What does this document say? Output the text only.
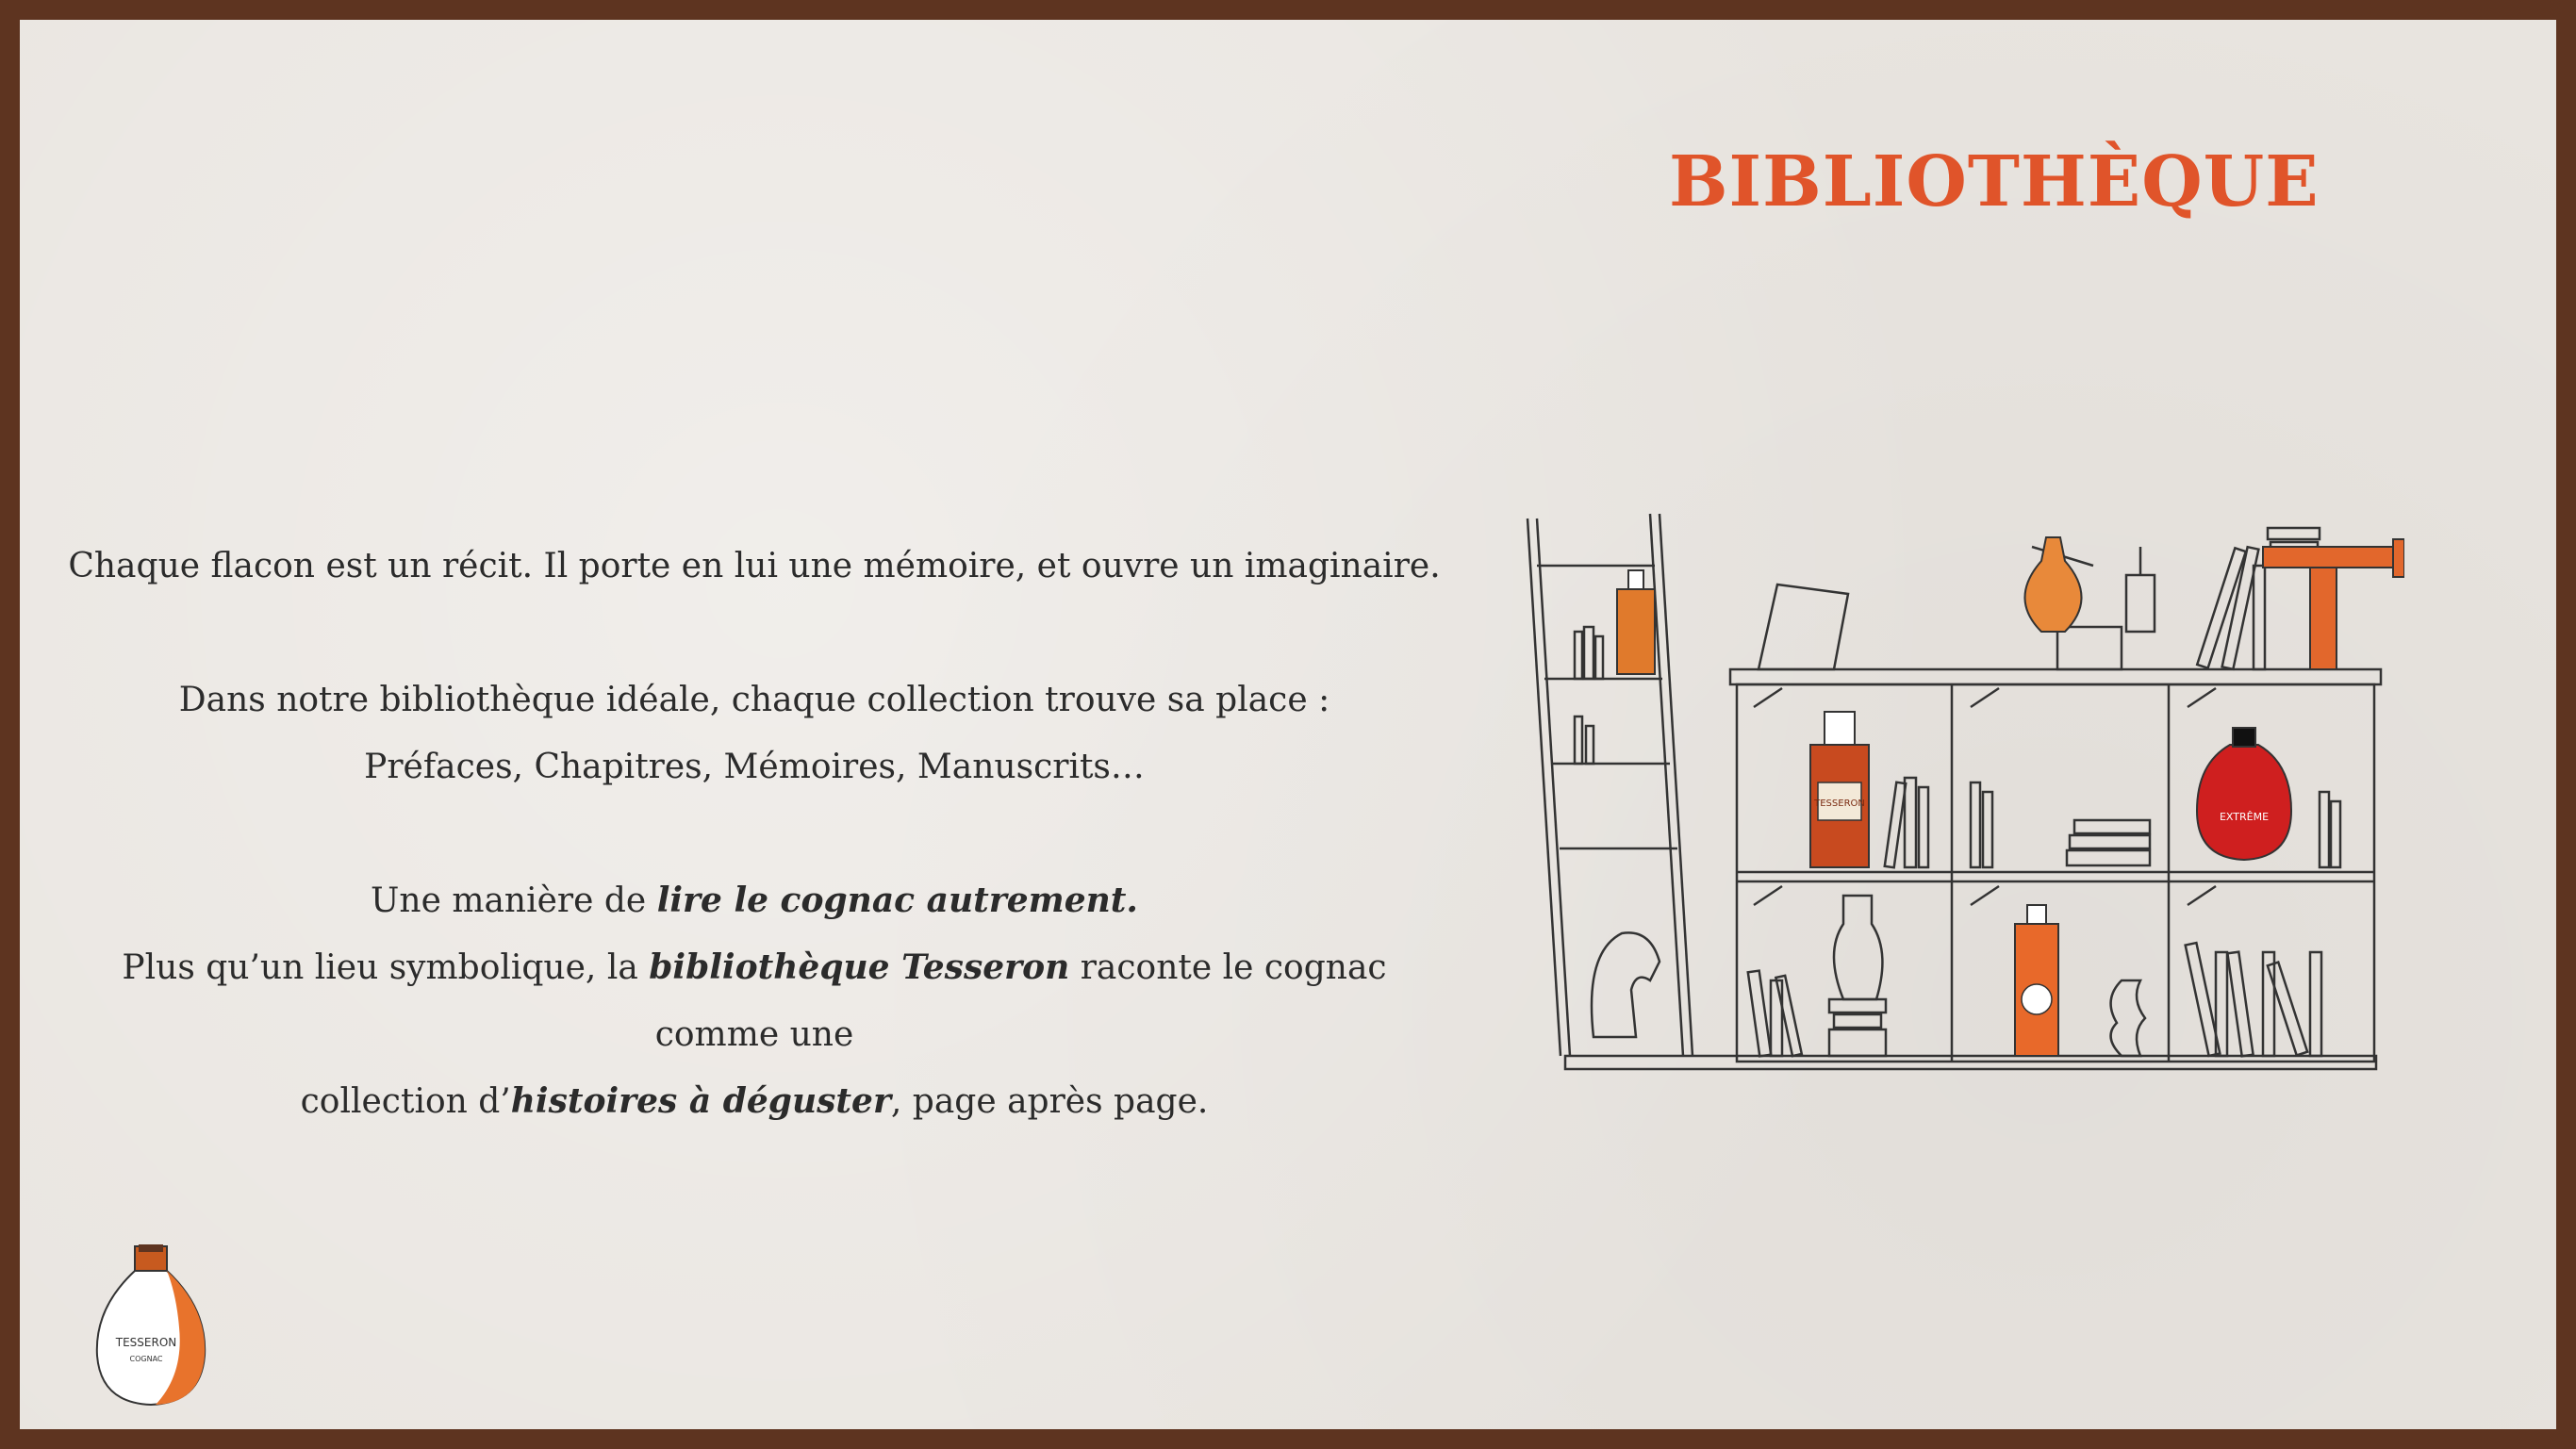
BIBLIOTHÈQUE

Chaque flacon est un récit. Il porte en lui une mémoire, et ouvre un imaginaire.

Dans notre bibliothèque idéale, chaque collection trouve sa place :

Préfaces, Chapitres, Mémoires, Manuscrits…

Une manière de lire le cognac autrement.

Plus qu’un lieu symbolique, la bibliothèque Tesseron raconte le cognac comme une

collection d’histoires à déguster, page après page.

TESSERON
EXTRÊME
TESSERON
COGNAC
